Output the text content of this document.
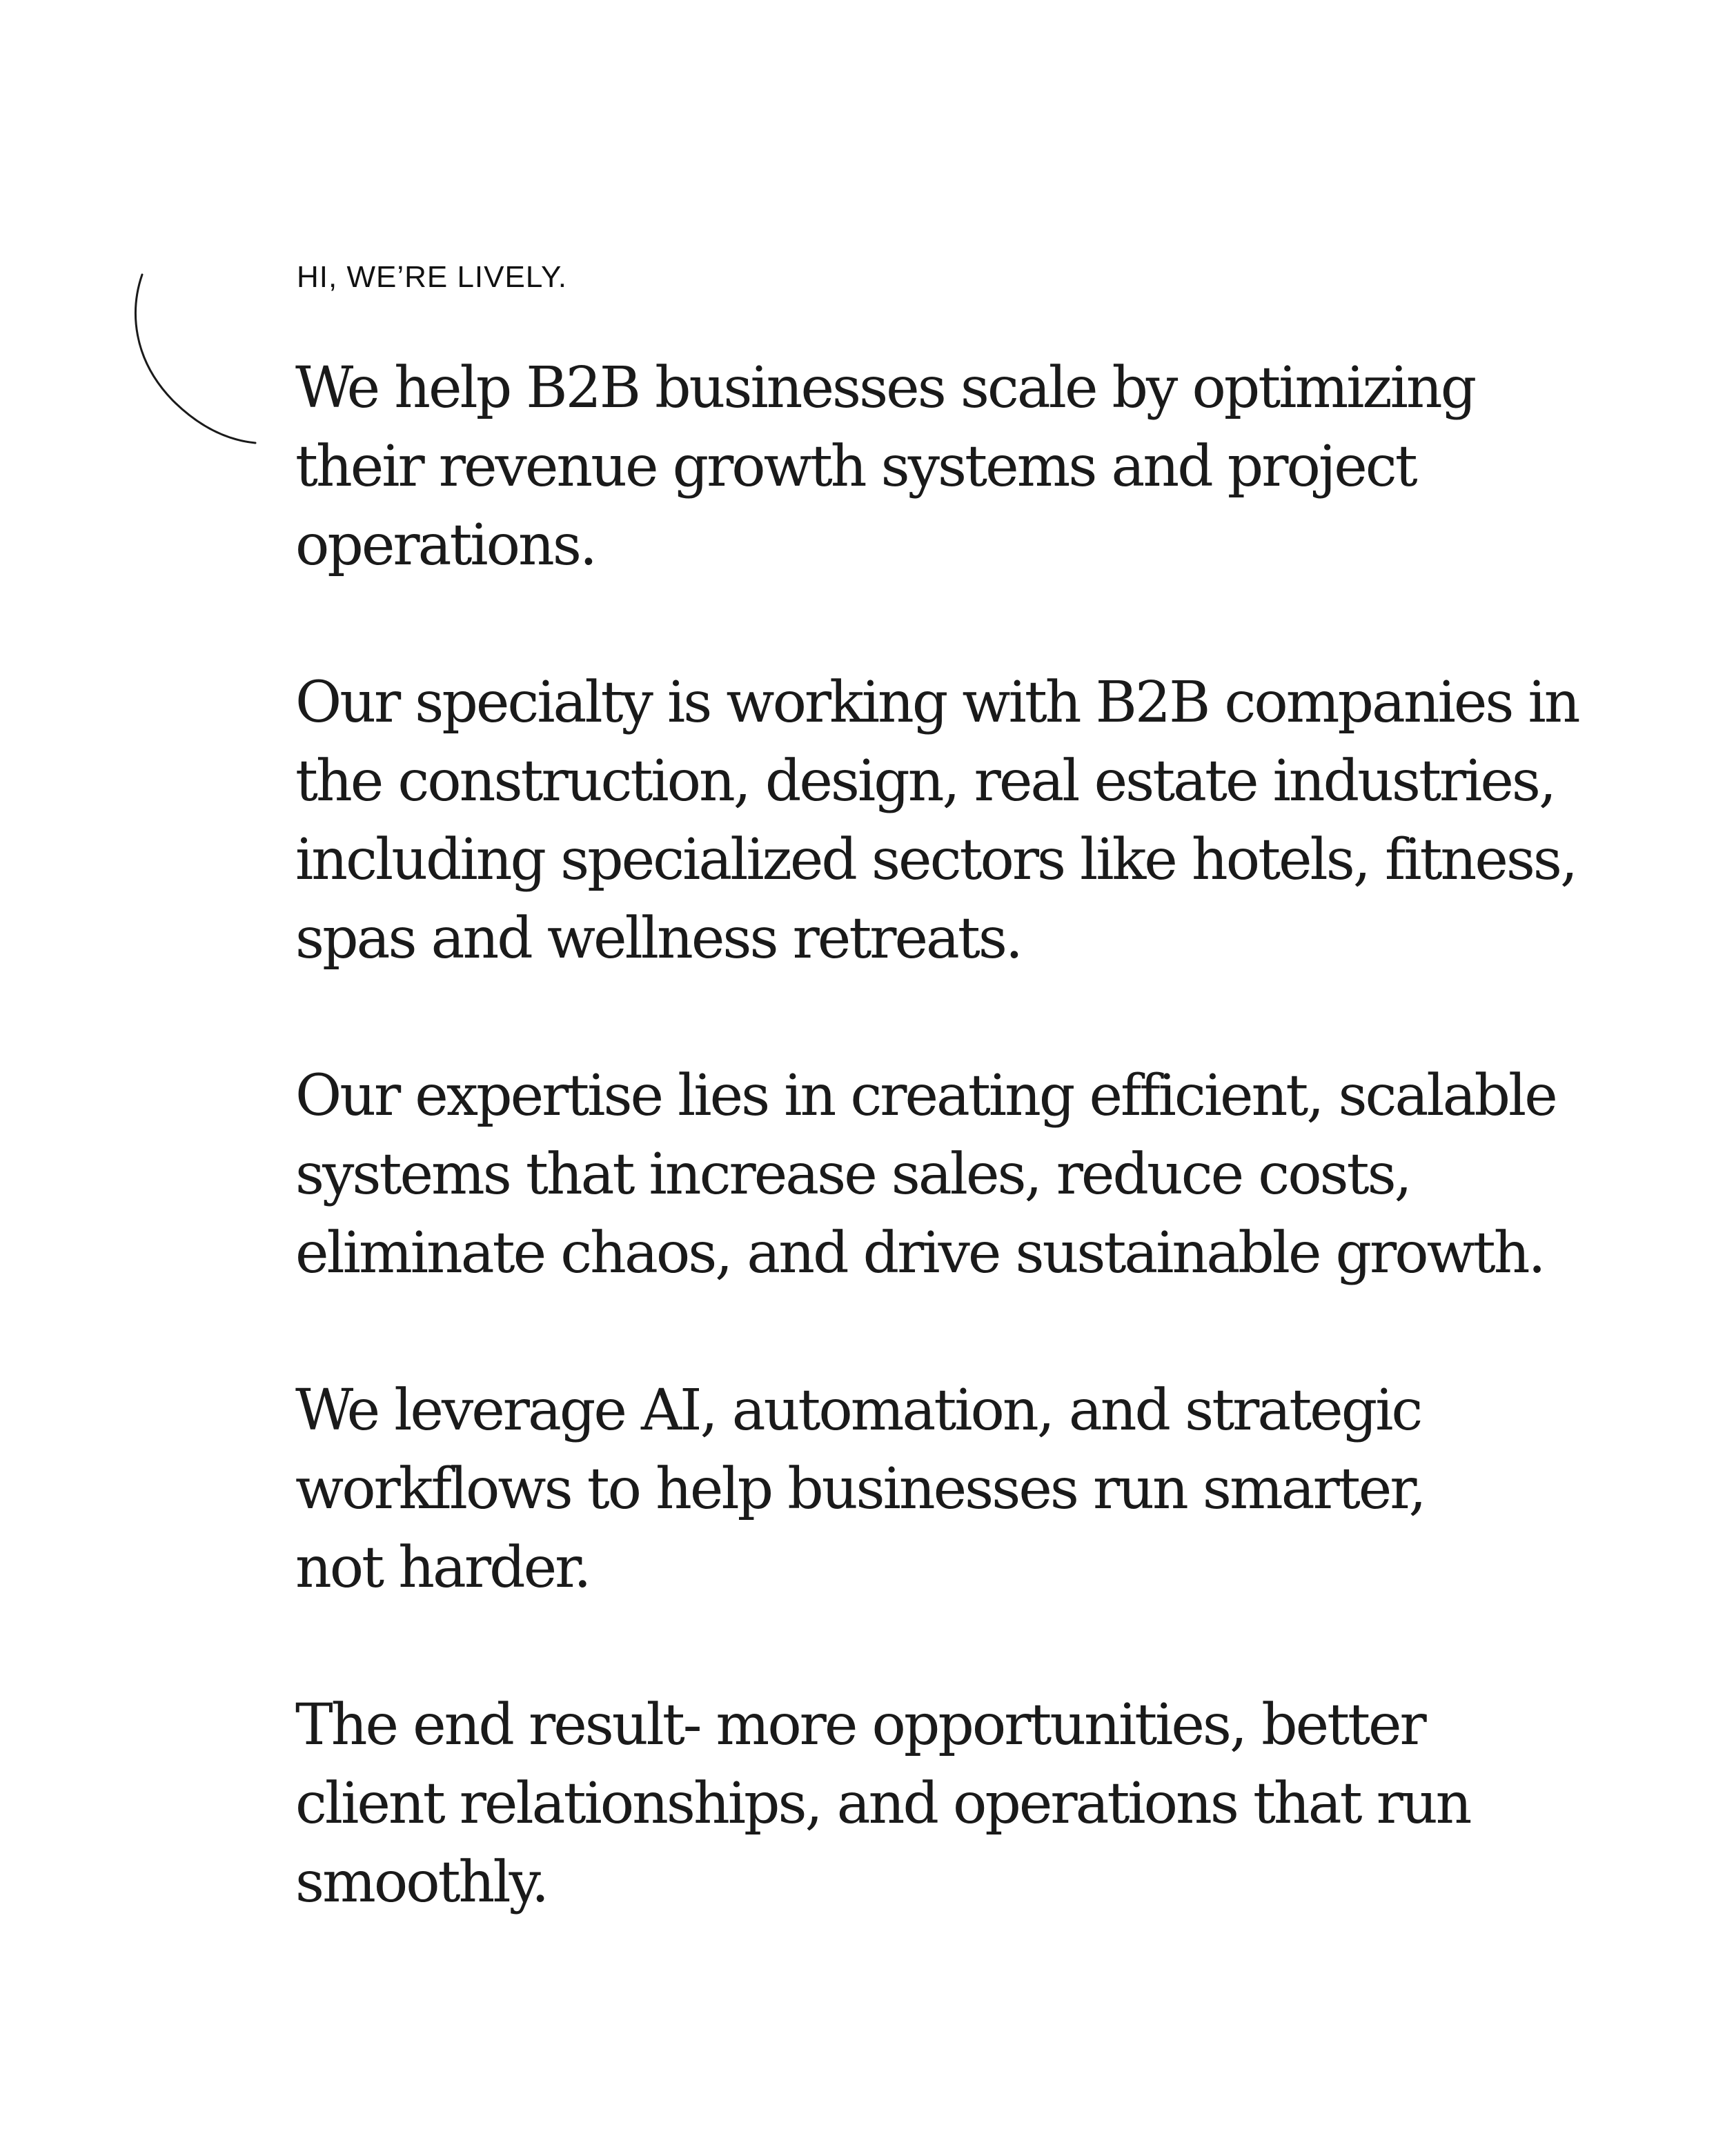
HI, WE’RE LIVELY.

We help B2B businesses scale by optimizing
their revenue growth systems and project
operations.

Our specialty is working with B2B companies in
the construction, design, real estate industries,
including specialized sectors like hotels, fitness,
spas and wellness retreats.

Our expertise lies in creating efficient, scalable
systems that increase sales, reduce costs,
eliminate chaos, and drive sustainable growth.

We leverage AI, automation, and strategic
workflows to help businesses run smarter,
not harder.

The end result- more opportunities, better
client relationships, and operations that run
smoothly.
